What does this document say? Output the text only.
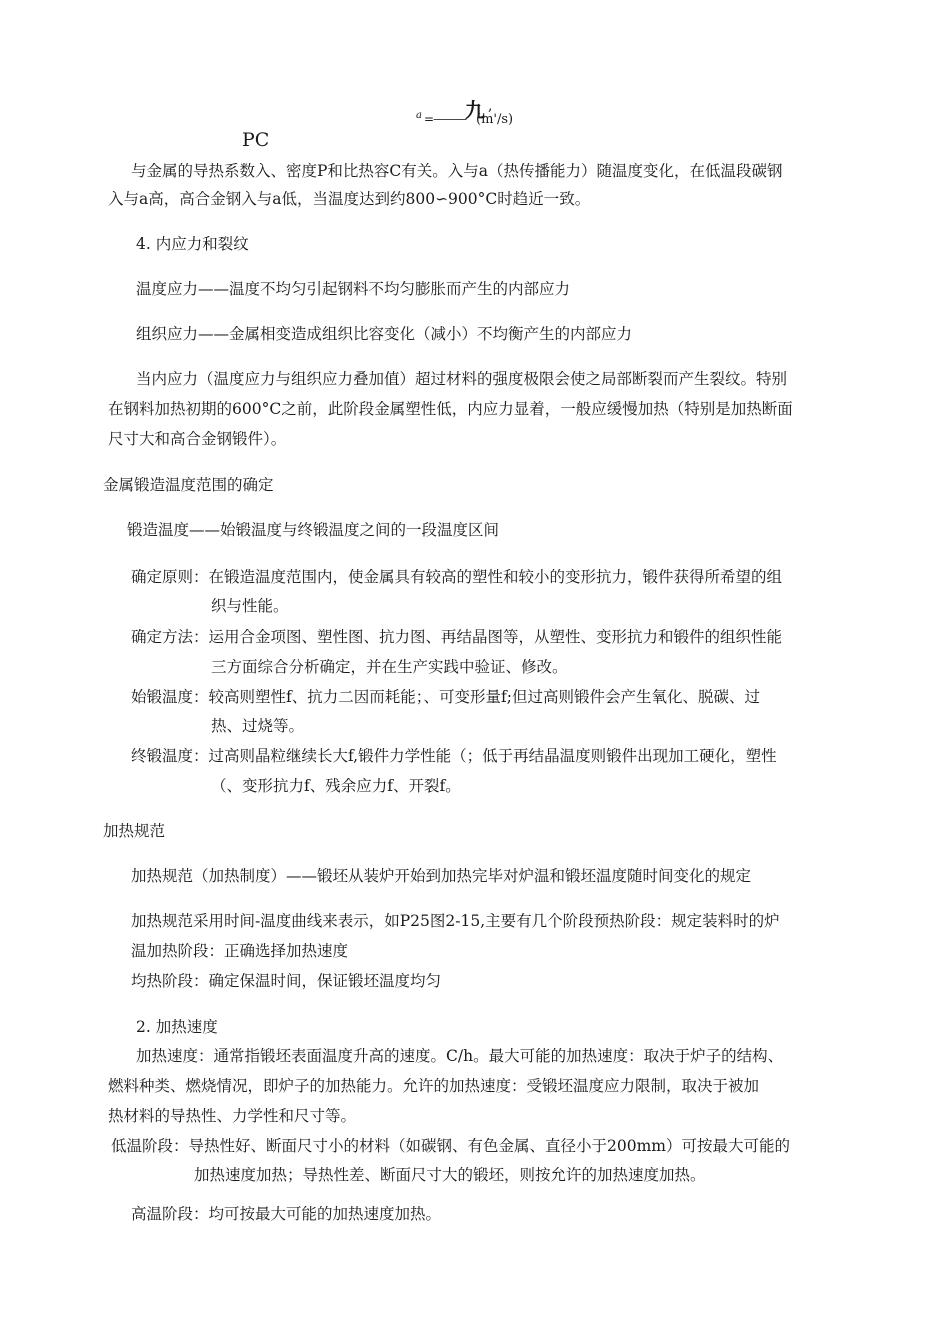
a =———
九 ,
(m'/s)
PC
与金属的导热系数入、密度P和比热容C有关。入与a（热传播能力）随温度变化，在低温段碳钢
入与a高，高合金钢入与a低，当温度达到约800∽900°C时趋近一致。
4. 内应力和裂纹
温度应力——温度不均匀引起钢料不均匀膨胀而产生的内部应力
组织应力——金属相变造成组织比容变化（减小）不均衡产生的内部应力
当内应力（温度应力与组织应力叠加值）超过材料的强度极限会使之局部断裂而产生裂纹。特别
在钢料加热初期的600°C之前，此阶段金属塑性低，内应力显着，一般应缓慢加热（特别是加热断面
尺寸大和高合金钢锻件）。
金属锻造温度范围的确定
锻造温度——始锻温度与终锻温度之间的一段温度区间
确定原则：在锻造温度范围内，使金属具有较高的塑性和较小的变形抗力，锻件获得所希望的组
织与性能。
确定方法：运用合金项图、塑性图、抗力图、再结晶图等，从塑性、变形抗力和锻件的组织性能
三方面综合分析确定，并在生产实践中验证、修改。
始锻温度：较高则塑性f、抗力二因而耗能；、可变形量f;但过高则锻件会产生氧化、脱碳、过
热、过烧等。
终锻温度：过高则晶粒继续长大f,锻件力学性能（；低于再结晶温度则锻件出现加工硬化，塑性
（、变形抗力f、残余应力f、开裂f。
加热规范
加热规范（加热制度）——锻坯从装炉开始到加热完毕对炉温和锻坯温度随时间变化的规定
加热规范采用时间-温度曲线来表示，如P25图2-15,主要有几个阶段预热阶段：规定装料时的炉
温加热阶段：正确选择加热速度
均热阶段：确定保温时间，保证锻坯温度均匀
2. 加热速度
加热速度：通常指锻坯表面温度升高的速度。C/h。最大可能的加热速度：取决于炉子的结构、
燃料种类、燃烧情况，即炉子的加热能力。允许的加热速度：受锻坯温度应力限制，取决于被加
热材料的导热性、力学性和尺寸等。
低温阶段：导热性好、断面尺寸小的材料（如碳钢、有色金属、直径小于200mm）可按最大可能的
加热速度加热；导热性差、断面尺寸大的锻坯，则按允许的加热速度加热。
高温阶段：均可按最大可能的加热速度加热。
